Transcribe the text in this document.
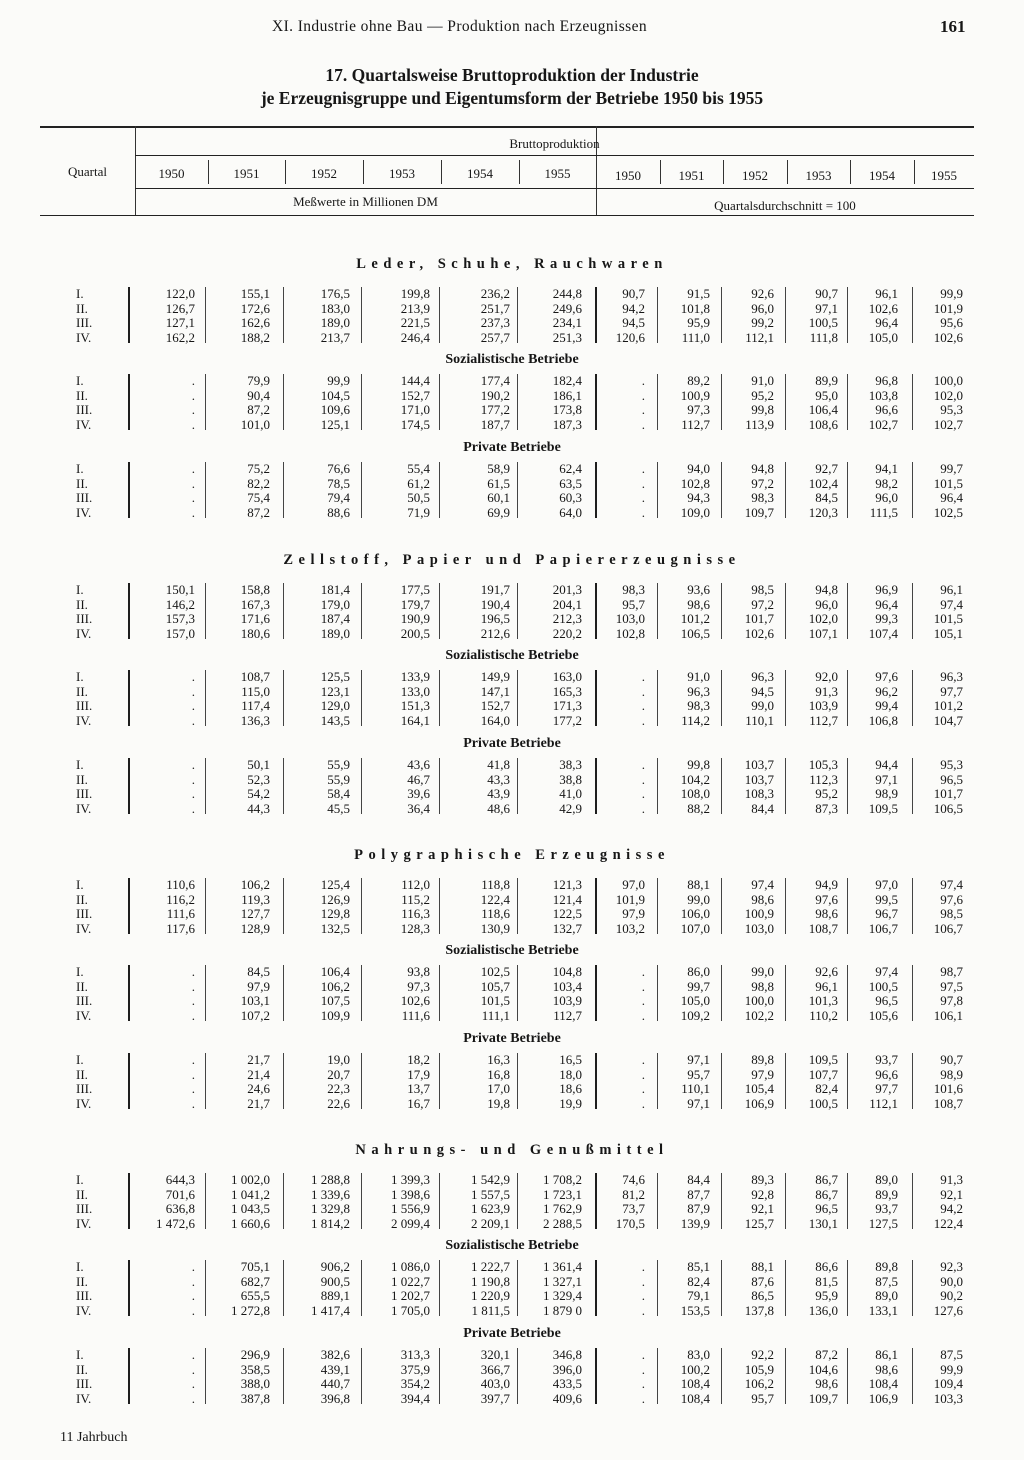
XI. Industrie ohne Bau — Produktion nach Erzeugnissen	161
17. Quartalsweise Bruttoproduktion der Industrie
je Erzeugnisgruppe und Eigentumsform der Betriebe 1950 bis 1955
Quartal
Bruttoproduktion
Meßwerte in Millionen DM	Quartalsdurchschnitt = 100
1950	1950
1951	1951
1952	1952
1953	1953
1954	1954
1955	1955
Leder, Schuhe, Rauchwaren
I.	122,0	155,1	176,5	199,8	236,2	244,8	90,7	91,5	92,6	90,7	96,1	99,9
II.	126,7	172,6	183,0	213,9	251,7	249,6	94,2	101,8	96,0	97,1	102,6	101,9
III.	127,1	162,6	189,0	221,5	237,3	234,1	94,5	95,9	99,2	100,5	96,4	95,6
IV.	162,2	188,2	213,7	246,4	257,7	251,3	120,6	111,0	112,1	111,8	105,0	102,6
Sozialistische Betriebe
I.	.	79,9	99,9	144,4	177,4	182,4	.	89,2	91,0	89,9	96,8	100,0
II.	.	90,4	104,5	152,7	190,2	186,1	.	100,9	95,2	95,0	103,8	102,0
III.	.	87,2	109,6	171,0	177,2	173,8	.	97,3	99,8	106,4	96,6	95,3
IV.	.	101,0	125,1	174,5	187,7	187,3	.	112,7	113,9	108,6	102,7	102,7
Private Betriebe
I.	.	75,2	76,6	55,4	58,9	62,4	.	94,0	94,8	92,7	94,1	99,7
II.	.	82,2	78,5	61,2	61,5	63,5	.	102,8	97,2	102,4	98,2	101,5
III.	.	75,4	79,4	50,5	60,1	60,3	.	94,3	98,3	84,5	96,0	96,4
IV.	.	87,2	88,6	71,9	69,9	64,0	.	109,0	109,7	120,3	111,5	102,5
Zellstoff, Papier und Papiererzeugnisse
I.	150,1	158,8	181,4	177,5	191,7	201,3	98,3	93,6	98,5	94,8	96,9	96,1
II.	146,2	167,3	179,0	179,7	190,4	204,1	95,7	98,6	97,2	96,0	96,4	97,4
III.	157,3	171,6	187,4	190,9	196,5	212,3	103,0	101,2	101,7	102,0	99,3	101,5
IV.	157,0	180,6	189,0	200,5	212,6	220,2	102,8	106,5	102,6	107,1	107,4	105,1
Sozialistische Betriebe
I.	.	108,7	125,5	133,9	149,9	163,0	.	91,0	96,3	92,0	97,6	96,3
II.	.	115,0	123,1	133,0	147,1	165,3	.	96,3	94,5	91,3	96,2	97,7
III.	.	117,4	129,0	151,3	152,7	171,3	.	98,3	99,0	103,9	99,4	101,2
IV.	.	136,3	143,5	164,1	164,0	177,2	.	114,2	110,1	112,7	106,8	104,7
Private Betriebe
I.	.	50,1	55,9	43,6	41,8	38,3	.	99,8	103,7	105,3	94,4	95,3
II.	.	52,3	55,9	46,7	43,3	38,8	.	104,2	103,7	112,3	97,1	96,5
III.	.	54,2	58,4	39,6	43,9	41,0	.	108,0	108,3	95,2	98,9	101,7
IV.	.	44,3	45,5	36,4	48,6	42,9	.	88,2	84,4	87,3	109,5	106,5
Polygraphische Erzeugnisse
I.	110,6	106,2	125,4	112,0	118,8	121,3	97,0	88,1	97,4	94,9	97,0	97,4
II.	116,2	119,3	126,9	115,2	122,4	121,4	101,9	99,0	98,6	97,6	99,5	97,6
III.	111,6	127,7	129,8	116,3	118,6	122,5	97,9	106,0	100,9	98,6	96,7	98,5
IV.	117,6	128,9	132,5	128,3	130,9	132,7	103,2	107,0	103,0	108,7	106,7	106,7
Sozialistische Betriebe
I.	.	84,5	106,4	93,8	102,5	104,8	.	86,0	99,0	92,6	97,4	98,7
II.	.	97,9	106,2	97,3	105,7	103,4	.	99,7	98,8	96,1	100,5	97,5
III.	.	103,1	107,5	102,6	101,5	103,9	.	105,0	100,0	101,3	96,5	97,8
IV.	.	107,2	109,9	111,6	111,1	112,7	.	109,2	102,2	110,2	105,6	106,1
Private Betriebe
I.	.	21,7	19,0	18,2	16,3	16,5	.	97,1	89,8	109,5	93,7	90,7
II.	.	21,4	20,7	17,9	16,8	18,0	.	95,7	97,9	107,7	96,6	98,9
III.	.	24,6	22,3	13,7	17,0	18,6	.	110,1	105,4	82,4	97,7	101,6
IV.	.	21,7	22,6	16,7	19,8	19,9	.	97,1	106,9	100,5	112,1	108,7
Nahrungs- und Genußmittel
I.	644,3	1 002,0	1 288,8	1 399,3	1 542,9	1 708,2	74,6	84,4	89,3	86,7	89,0	91,3
II.	701,6	1 041,2	1 339,6	1 398,6	1 557,5	1 723,1	81,2	87,7	92,8	86,7	89,9	92,1
III.	636,8	1 043,5	1 329,8	1 556,9	1 623,9	1 762,9	73,7	87,9	92,1	96,5	93,7	94,2
IV.	1 472,6	1 660,6	1 814,2	2 099,4	2 209,1	2 288,5	170,5	139,9	125,7	130,1	127,5	122,4
Sozialistische Betriebe
I.	.	705,1	906,2	1 086,0	1 222,7	1 361,4	.	85,1	88,1	86,6	89,8	92,3
II.	.	682,7	900,5	1 022,7	1 190,8	1 327,1	.	82,4	87,6	81,5	87,5	90,0
III.	.	655,5	889,1	1 202,7	1 220,9	1 329,4	.	79,1	86,5	95,9	89,0	90,2
IV.	.	1 272,8	1 417,4	1 705,0	1 811,5	1 879 0	.	153,5	137,8	136,0	133,1	127,6
Private Betriebe
I.	.	296,9	382,6	313,3	320,1	346,8	.	83,0	92,2	87,2	86,1	87,5
II.	.	358,5	439,1	375,9	366,7	396,0	.	100,2	105,9	104,6	98,6	99,9
III.	.	388,0	440,7	354,2	403,0	433,5	.	108,4	106,2	98,6	108,4	109,4
IV.	.	387,8	396,8	394,4	397,7	409,6	.	108,4	95,7	109,7	106,9	103,3
11 Jahrbuch
